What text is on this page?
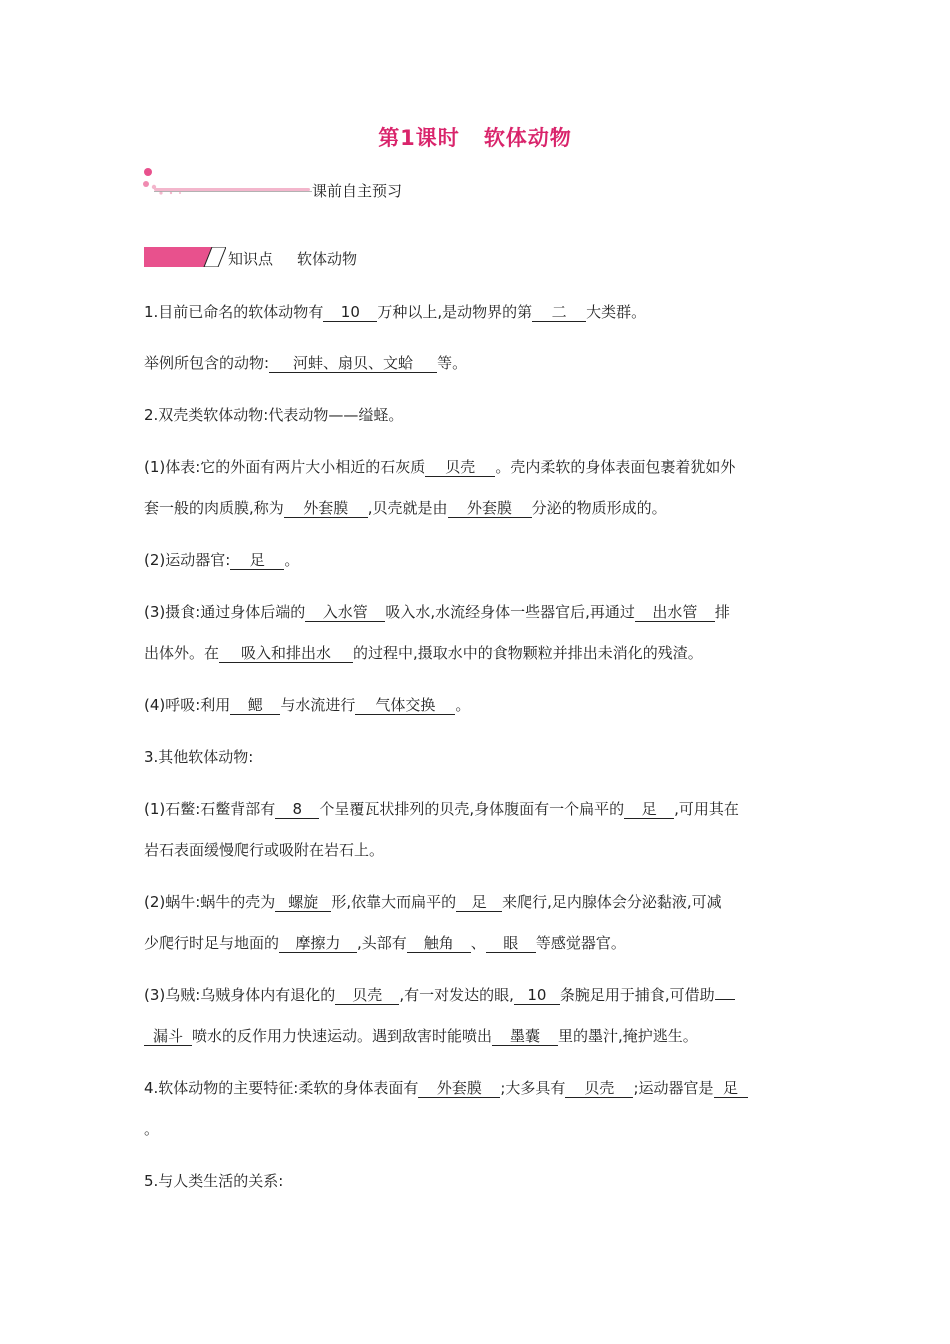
第1课时 软体动物
课前自主预习
知识点 软体动物
1.目前已命名的软体动物有 10 万种以上,是动物界的第 二 大类群。
举例所包含的动物: 河蚌、扇贝、文蛤 等。
2.双壳类软体动物:代表动物——缢蛏。
(1)体表:它的外面有两片大小相近的石灰质 贝壳 。壳内柔软的身体表面包裹着犹如外
套一般的肉质膜,称为 外套膜 ,贝壳就是由 外套膜 分泌的物质形成的。
(2)运动器官: 足 。
(3)摄食:通过身体后端的 入水管 吸入水,水流经身体一些器官后,再通过 出水管 排
出体外。在 吸入和排出水 的过程中,摄取水中的食物颗粒并排出未消化的残渣。
(4)呼吸:利用 鳃 与水流进行 气体交换 。
3.其他软体动物:
(1)石鳖:石鳖背部有 8 个呈覆瓦状排列的贝壳,身体腹面有一个扁平的 足 ,可用其在
岩石表面缓慢爬行或吸附在岩石上。
(2)蜗牛:蜗牛的壳为 螺旋 形,依靠大而扁平的 足 来爬行,足内腺体会分泌黏液,可减
少爬行时足与地面的 摩擦力 ,头部有 触角 、 眼 等感觉器官。
(3)乌贼:乌贼身体内有退化的 贝壳 ,有一对发达的眼, 10 条腕足用于捕食,可借助
漏斗 喷水的反作用力快速运动。遇到敌害时能喷出 墨囊 里的墨汁,掩护逃生。
4.软体动物的主要特征:柔软的身体表面有 外套膜 ;大多具有 贝壳 ;运动器官是 足
。
5.与人类生活的关系:
